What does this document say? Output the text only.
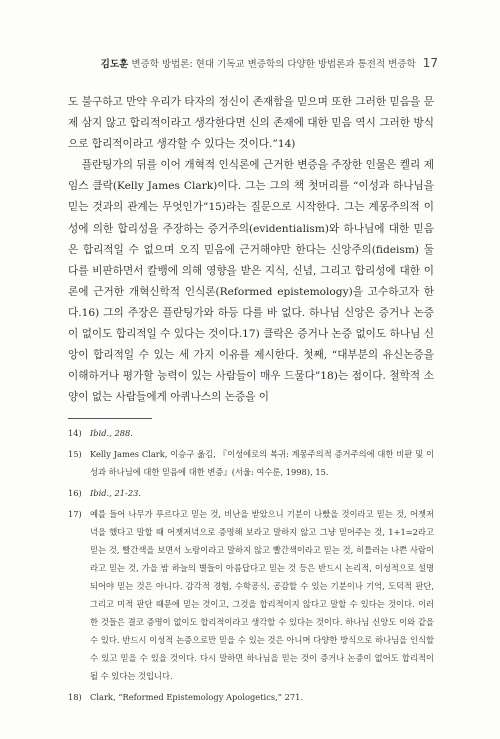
김도훈 변증학 방법론: 현대 기독교 변증학의 다양한 방법론과 통전적 변증학 17

도 불구하고 만약 우리가 타자의 정신이 존재함을 믿으며 또한 그러한 믿음을 문제 삼지 않고 합리적이라고 생각한다면 신의 존재에 대한 믿음 역시 그러한 방식으로 합리적이라고 생각할 수 있다는 것이다.”14)

플란팅가의 뒤를 이어 개혁적 인식론에 근거한 변증을 주장한 인물은 켈리 제임스 클락(Kelly James Clark)이다. 그는 그의 책 첫머리를 “이성과 하나님을 믿는 것과의 관계는 무엇인가”15)라는 질문으로 시작한다. 그는 계몽주의적 이성에 의한 합리성을 주장하는 증거주의(evidentialism)와 하나님에 대한 믿음은 합리적일 수 없으며 오직 믿음에 근거해야만 한다는 신앙주의(fideism) 둘 다를 비판하면서 칼뱅에 의해 영향을 받은 지식, 신념, 그리고 합리성에 대한 이론에 근거한 개혁신학적 인식론(Reformed epistemology)을 고수하고자 한다.16) 그의 주장은 플란팅가와 하등 다를 바 없다. 하나님 신앙은 증거나 논증이 없이도 합리적일 수 있다는 것이다.17) 클락은 증거나 논증 없이도 하나님 신앙이 합리적일 수 있는 세 가지 이유를 제시한다. 첫째, “대부분의 유신논증을 이해하거나 평가할 능력이 있는 사람들이 매우 드물다”18)는 점이다. 철학적 소양이 없는 사람들에게 아퀴나스의 논증을 이

14) Ibid., 288.
15) Kelly James Clark, 이승구 옮김, 『이성에로의 복귀: 계몽주의적 증거주의에 대한 비판 및 이성과 하나님에 대한 믿음에 대한 변증』(서울: 여수룬, 1998), 15.
16) Ibid., 21-23.
17) 예를 들어 나무가 푸르다고 믿는 것, 비난을 받았으니 기분이 나빴을 것이라고 믿는 것, 어젯저녁을 했다고 말할 때 어젯저녁으로 증명해 보라고 말하지 않고 그냥 믿어주는 것, 1+1=2라고 믿는 것, 빨간색을 보면서 노랑이라고 말하지 않고 빨간색이라고 믿는 것, 히틀러는 나쁜 사람이라고 믿는 것, 가을 밤 하늘의 별들이 아름답다고 믿는 것 등은 반드시 논리적, 이성적으로 설명되어야 믿는 것은 아니다. 감각적 경험, 수학공식, 공감할 수 있는 기분이나 기억, 도덕적 판단, 그리고 미적 판단 때문에 믿는 것이고, 그것을 합리적이지 않다고 말할 수 있다는 것이다. 이러한 것들은 결코 증명이 없이도 합리적이라고 생각할 수 있다는 것이다. 하나님 신앙도 이와 같을 수 있다. 반드시 이성적 논증으로만 믿을 수 있는 것은 아니며 다양한 방식으로 하나님을 인식할 수 있고 믿을 수 있을 것이다. 다시 말하면 하나님을 믿는 것이 증거나 논증이 없어도 합리적이 될 수 있다는 것입니다.
18) Clark, “Reformed Epistemology Apologetics,” 271.
